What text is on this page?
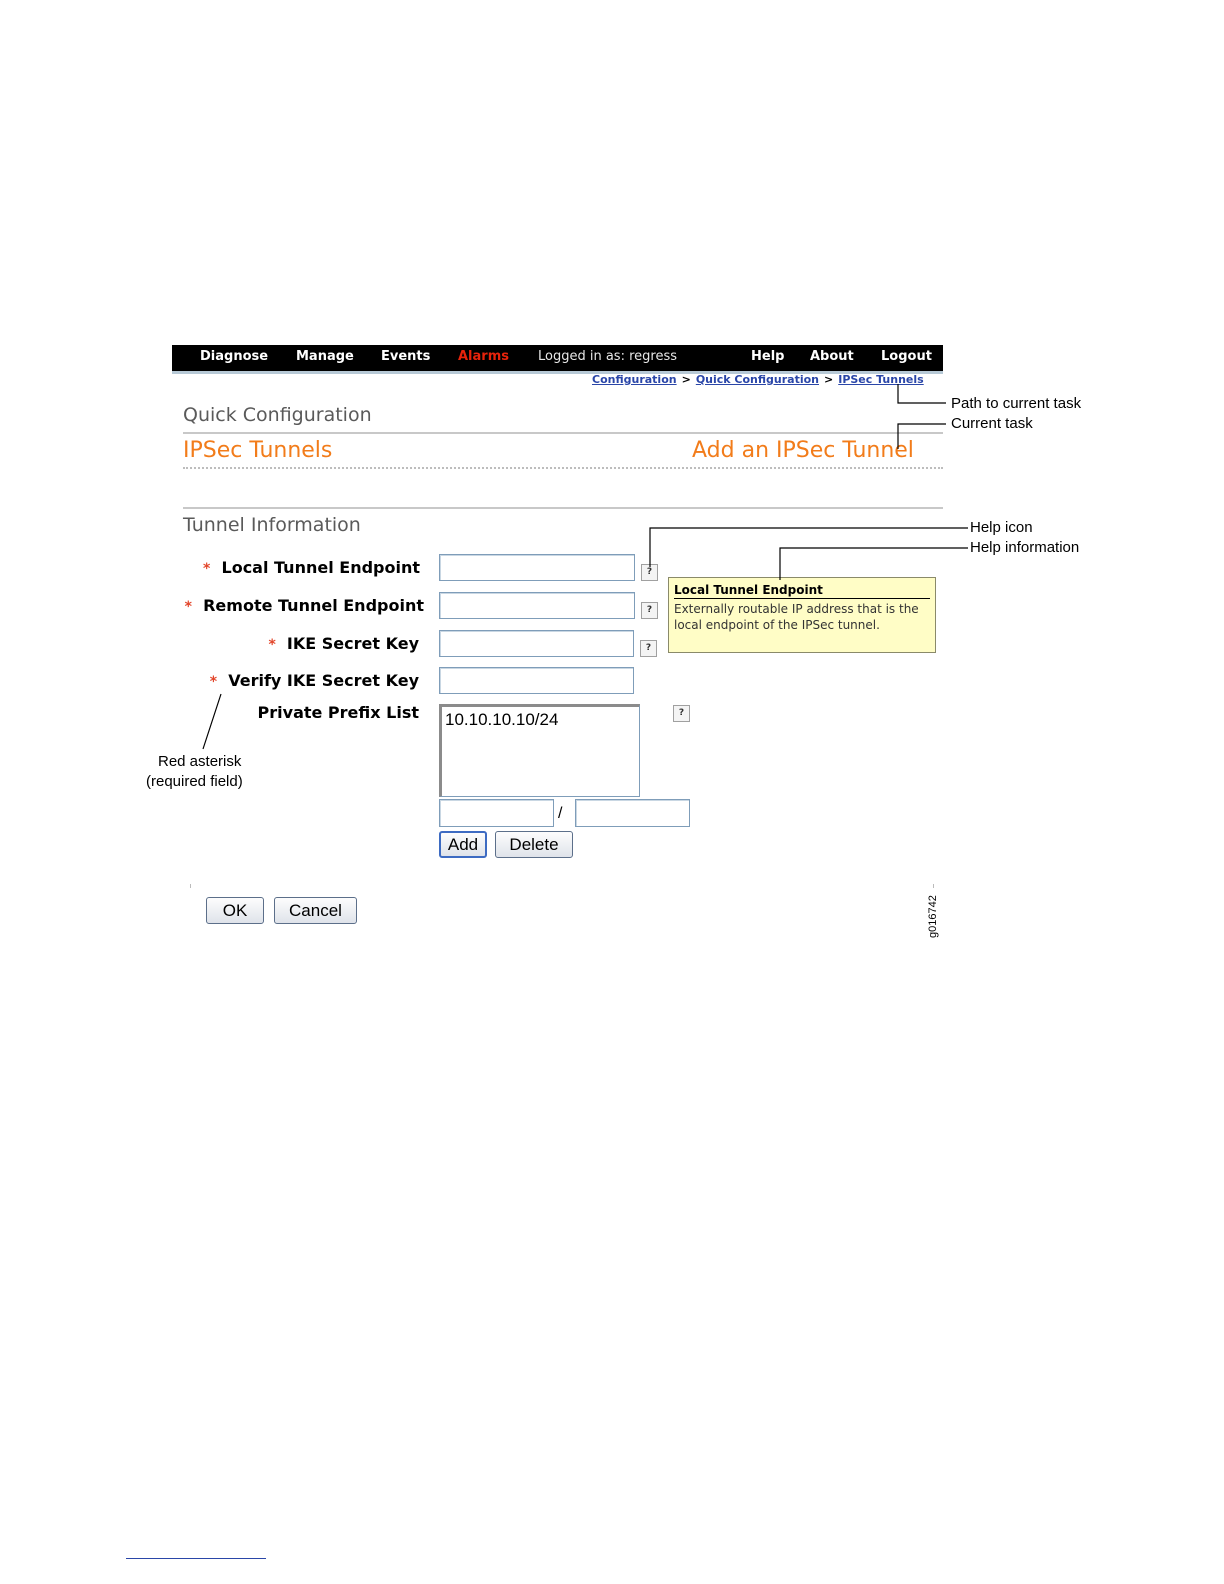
Diagnose Manage Events Alarms Logged in as: regress	Help About Logout
Configuration > Quick Configuration > IPSec Tunnels
Quick Configuration
IPSec Tunnels	Add an IPSec Tunnel
Tunnel Information
* Local Tunnel Endpoint	?
* Remote Tunnel Endpoint	?
* IKE Secret Key	?
* Verify IKE Secret Key
Private Prefix List
10.10.10.10/24	?
/
Add	Delete
OK	Cancel
Local Tunnel Endpoint
Externally routable IP address that is the local endpoint of the IPSec tunnel.
Path to current task
Current task
Help icon
Help information
Red asterisk
(required field)
g016742
